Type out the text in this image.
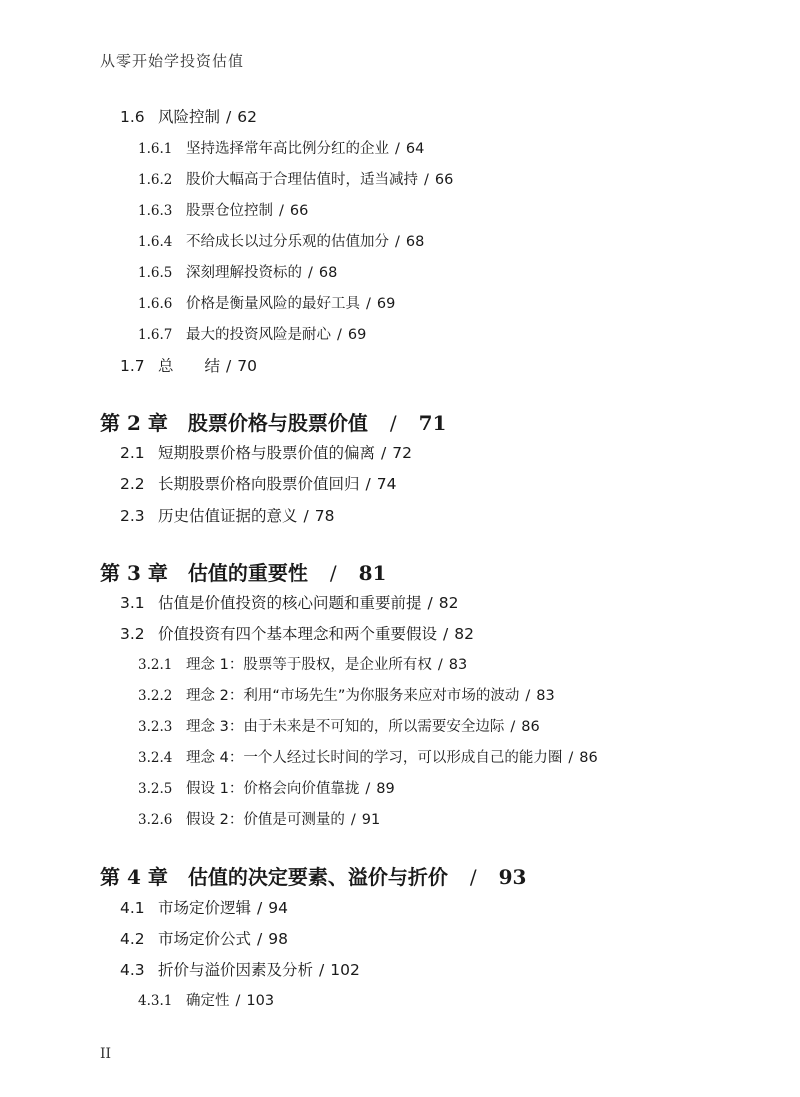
从零开始学投资估值
1.6 风险控制 / 62
1.6.1 坚持选择常年高比例分红的企业 / 64
1.6.2 股价大幅高于合理估值时，适当减持 / 66
1.6.3 股票仓位控制 / 66
1.6.4 不给成长以过分乐观的估值加分 / 68
1.6.5 深刻理解投资标的 / 68
1.6.6 价格是衡量风险的最好工具 / 69
1.6.7 最大的投资风险是耐心 / 69
1.7 总　　结 / 70
第 2 章 股票价格与股票价值 / 71
2.1 短期股票价格与股票价值的偏离 / 72
2.2 长期股票价格向股票价值回归 / 74
2.3 历史估值证据的意义 / 78
第 3 章 估值的重要性 / 81
3.1 估值是价值投资的核心问题和重要前提 / 82
3.2 价值投资有四个基本理念和两个重要假设 / 82
3.2.1 理念 1：股票等于股权，是企业所有权 / 83
3.2.2 理念 2：利用“市场先生”为你服务来应对市场的波动 / 83
3.2.3 理念 3：由于未来是不可知的，所以需要安全边际 / 86
3.2.4 理念 4：一个人经过长时间的学习，可以形成自己的能力圈 / 86
3.2.5 假设 1：价格会向价值靠拢 / 89
3.2.6 假设 2：价值是可测量的 / 91
第 4 章 估值的决定要素、溢价与折价 / 93
4.1 市场定价逻辑 / 94
4.2 市场定价公式 / 98
4.3 折价与溢价因素及分析 / 102
4.3.1 确定性 / 103
II
